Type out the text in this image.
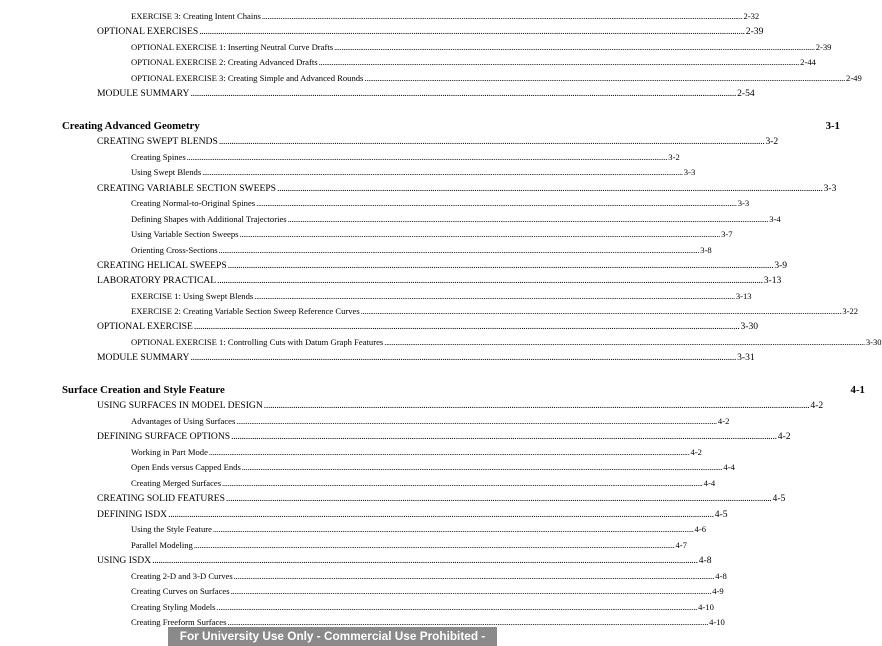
EXERCISE 3: Creating Intent Chains .................................................................................................................................................................................................................................................................... 2-32
OPTIONAL EXERCISES .................................................................................................................................................................................................................................................................... 2-39
OPTIONAL EXERCISE 1: Inserting Neutral Curve Drafts .................................................................................................................................................................................................................................................................... 2-39
OPTIONAL EXERCISE 2: Creating Advanced Drafts .................................................................................................................................................................................................................................................................... 2-44
OPTIONAL EXERCISE 3: Creating Simple and Advanced Rounds .................................................................................................................................................................................................................................................................... 2-49
MODULE SUMMARY .................................................................................................................................................................................................................................................................... 2-54
Creating Advanced Geometry	3-1
CREATING SWEPT BLENDS .................................................................................................................................................................................................................................................................... 3-2
Creating Spines .................................................................................................................................................................................................................................................................... 3-2
Using Swept Blends .................................................................................................................................................................................................................................................................... 3-3
CREATING VARIABLE SECTION SWEEPS .................................................................................................................................................................................................................................................................... 3-3
Creating Normal-to-Original Spines .................................................................................................................................................................................................................................................................... 3-3
Defining Shapes with Additional Trajectories .................................................................................................................................................................................................................................................................... 3-4
Using Variable Section Sweeps .................................................................................................................................................................................................................................................................... 3-7
Orienting Cross-Sections .................................................................................................................................................................................................................................................................... 3-8
CREATING HELICAL SWEEPS .................................................................................................................................................................................................................................................................... 3-9
LABORATORY PRACTICAL .................................................................................................................................................................................................................................................................... 3-13
EXERCISE 1: Using Swept Blends .................................................................................................................................................................................................................................................................... 3-13
EXERCISE 2: Creating Variable Section Sweep Reference Curves .................................................................................................................................................................................................................................................................... 3-22
OPTIONAL EXERCISE .................................................................................................................................................................................................................................................................... 3-30
OPTIONAL EXERCISE 1: Controlling Cuts with Datum Graph Features .................................................................................................................................................................................................................................................................... 3-30
MODULE SUMMARY .................................................................................................................................................................................................................................................................... 3-31
Surface Creation and Style Feature	4-1
USING SURFACES IN MODEL DESIGN .................................................................................................................................................................................................................................................................... 4-2
Advantages of Using Surfaces .................................................................................................................................................................................................................................................................... 4-2
DEFINING SURFACE OPTIONS .................................................................................................................................................................................................................................................................... 4-2
Working in Part Mode .................................................................................................................................................................................................................................................................... 4-2
Open Ends versus Capped Ends .................................................................................................................................................................................................................................................................... 4-4
Creating Merged Surfaces .................................................................................................................................................................................................................................................................... 4-4
CREATING SOLID FEATURES .................................................................................................................................................................................................................................................................... 4-5
DEFINING ISDX .................................................................................................................................................................................................................................................................... 4-5
Using the Style Feature .................................................................................................................................................................................................................................................................... 4-6
Parallel Modeling .................................................................................................................................................................................................................................................................... 4-7
USING ISDX .................................................................................................................................................................................................................................................................... 4-8
Creating 2-D and 3-D Curves .................................................................................................................................................................................................................................................................... 4-8
Creating Curves on Surfaces .................................................................................................................................................................................................................................................................... 4-9
Creating Styling Models .................................................................................................................................................................................................................................................................... 4-10
Creating Freeform Surfaces .................................................................................................................................................................................................................................................................... 4-10
For University Use Only - Commercial Use Prohibited -
